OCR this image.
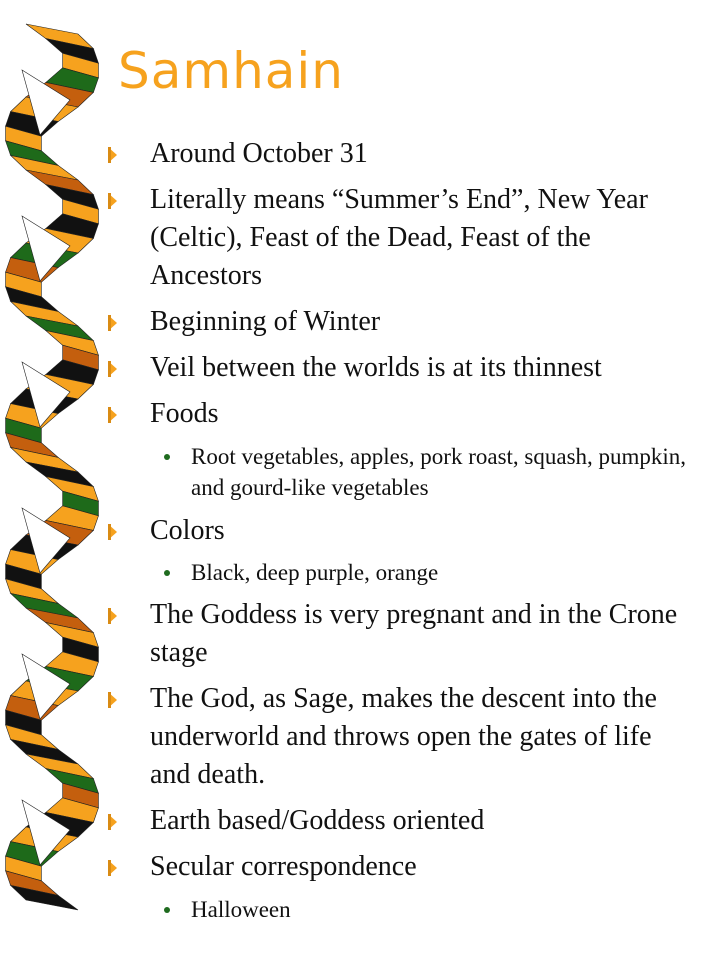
Samhain
Around October 31
Literally means “Summer’s End”, New Year (Celtic), Feast of the Dead, Feast of the Ancestors
Beginning of Winter
Veil between the worlds is at its thinnest
Foods
Root vegetables, apples, pork roast, squash, pumpkin, and gourd-like vegetables
Colors
Black, deep purple, orange
The Goddess is very pregnant and in the Crone stage
The God, as Sage, makes the descent into the underworld and throws open the gates of life and death.
Earth based/Goddess oriented
Secular correspondence
Halloween
